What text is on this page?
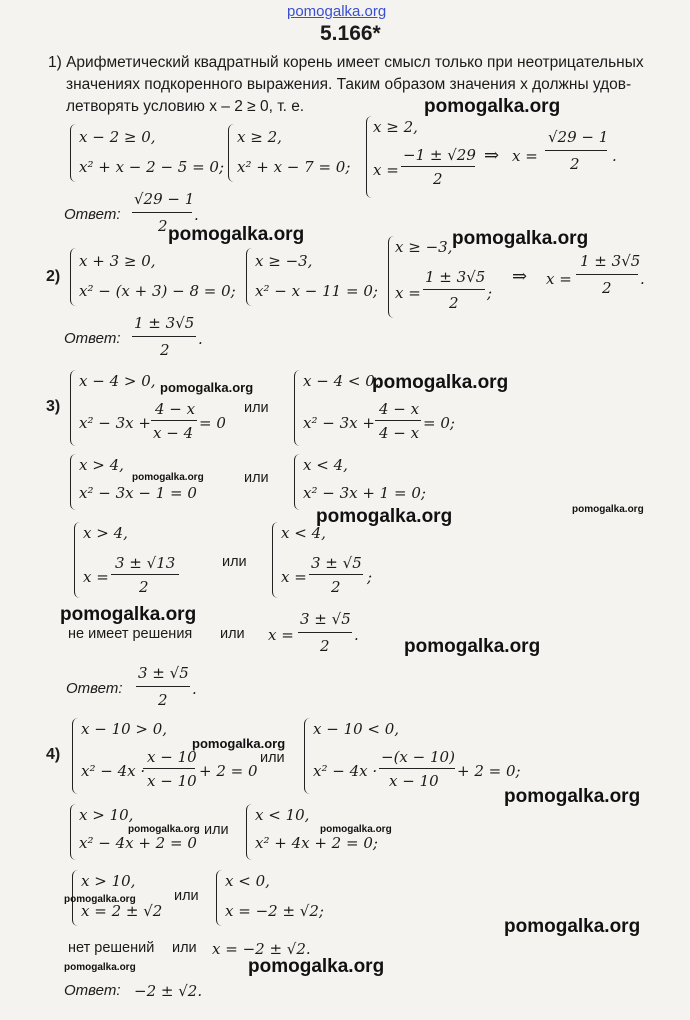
pomogalka.org
5.166*
1) Арифметический квадратный корень имеет смысл только при неотрицательных
значениях подкоренного выражения. Таким образом значения x должны удов-
летворять условию x – 2 ≥ 0, т. е.
x − 2 ≥ 0,
x² + x − 2 − 5 = 0;
x ≥ 2,
x² + x − 7 = 0;
x ≥ 2,
x =
−1 ± √29
2
⇒ x =
√29 − 1
2 .
Ответ:
√29 − 1
2
.
2)
x + 3 ≥ 0,
x² − (x + 3) − 8 = 0;
x ≥ −3,
x² − x − 11 = 0;
x ≥ −3,
x =
1 ± 3√5
2
;
⇒ x =
1 ± 3√5
2 .
Ответ:
1 ± 3√5
2
.
3)
x − 4 > 0,
x² − 3x +
4 − x
x − 4
= 0
или
x − 4 < 0,
x² − 3x +
4 − x
4 − x
= 0;
x > 4,
x² − 3x − 1 = 0
или
x < 4,
x² − 3x + 1 = 0;
x > 4,
x =
3 ± √13
2
или
x < 4,
x =
3 ± √5
2
;
не имеет решения или x =
3 ± √5
2
.
Ответ:
3 ± √5
2
.
4)
x − 10 > 0,
x² − 4x ·
x − 10
x − 10
+ 2 = 0
или
x − 10 < 0,
x² − 4x ·
−(x − 10)
x − 10
+ 2 = 0;
x > 10,
x² − 4x + 2 = 0
или
x < 10,
x² + 4x + 2 = 0;
x > 10,
x = 2 ± √2
или
x < 0,
x = −2 ± √2;
нет решений или x = −2 ± √2.
Ответ: −2 ± √2.
pomogalka.org
pomogalka.org	pomogalka.org
pomogalka.org	pomogalka.org
pomogalka.org
pomogalka.org	pomogalka.org
pomogalka.org
pomogalka.org
pomogalka.org
pomogalka.org
pomogalka.org	pomogalka.org
pomogalka.org
pomogalka.org
pomogalka.org	pomogalka.org
